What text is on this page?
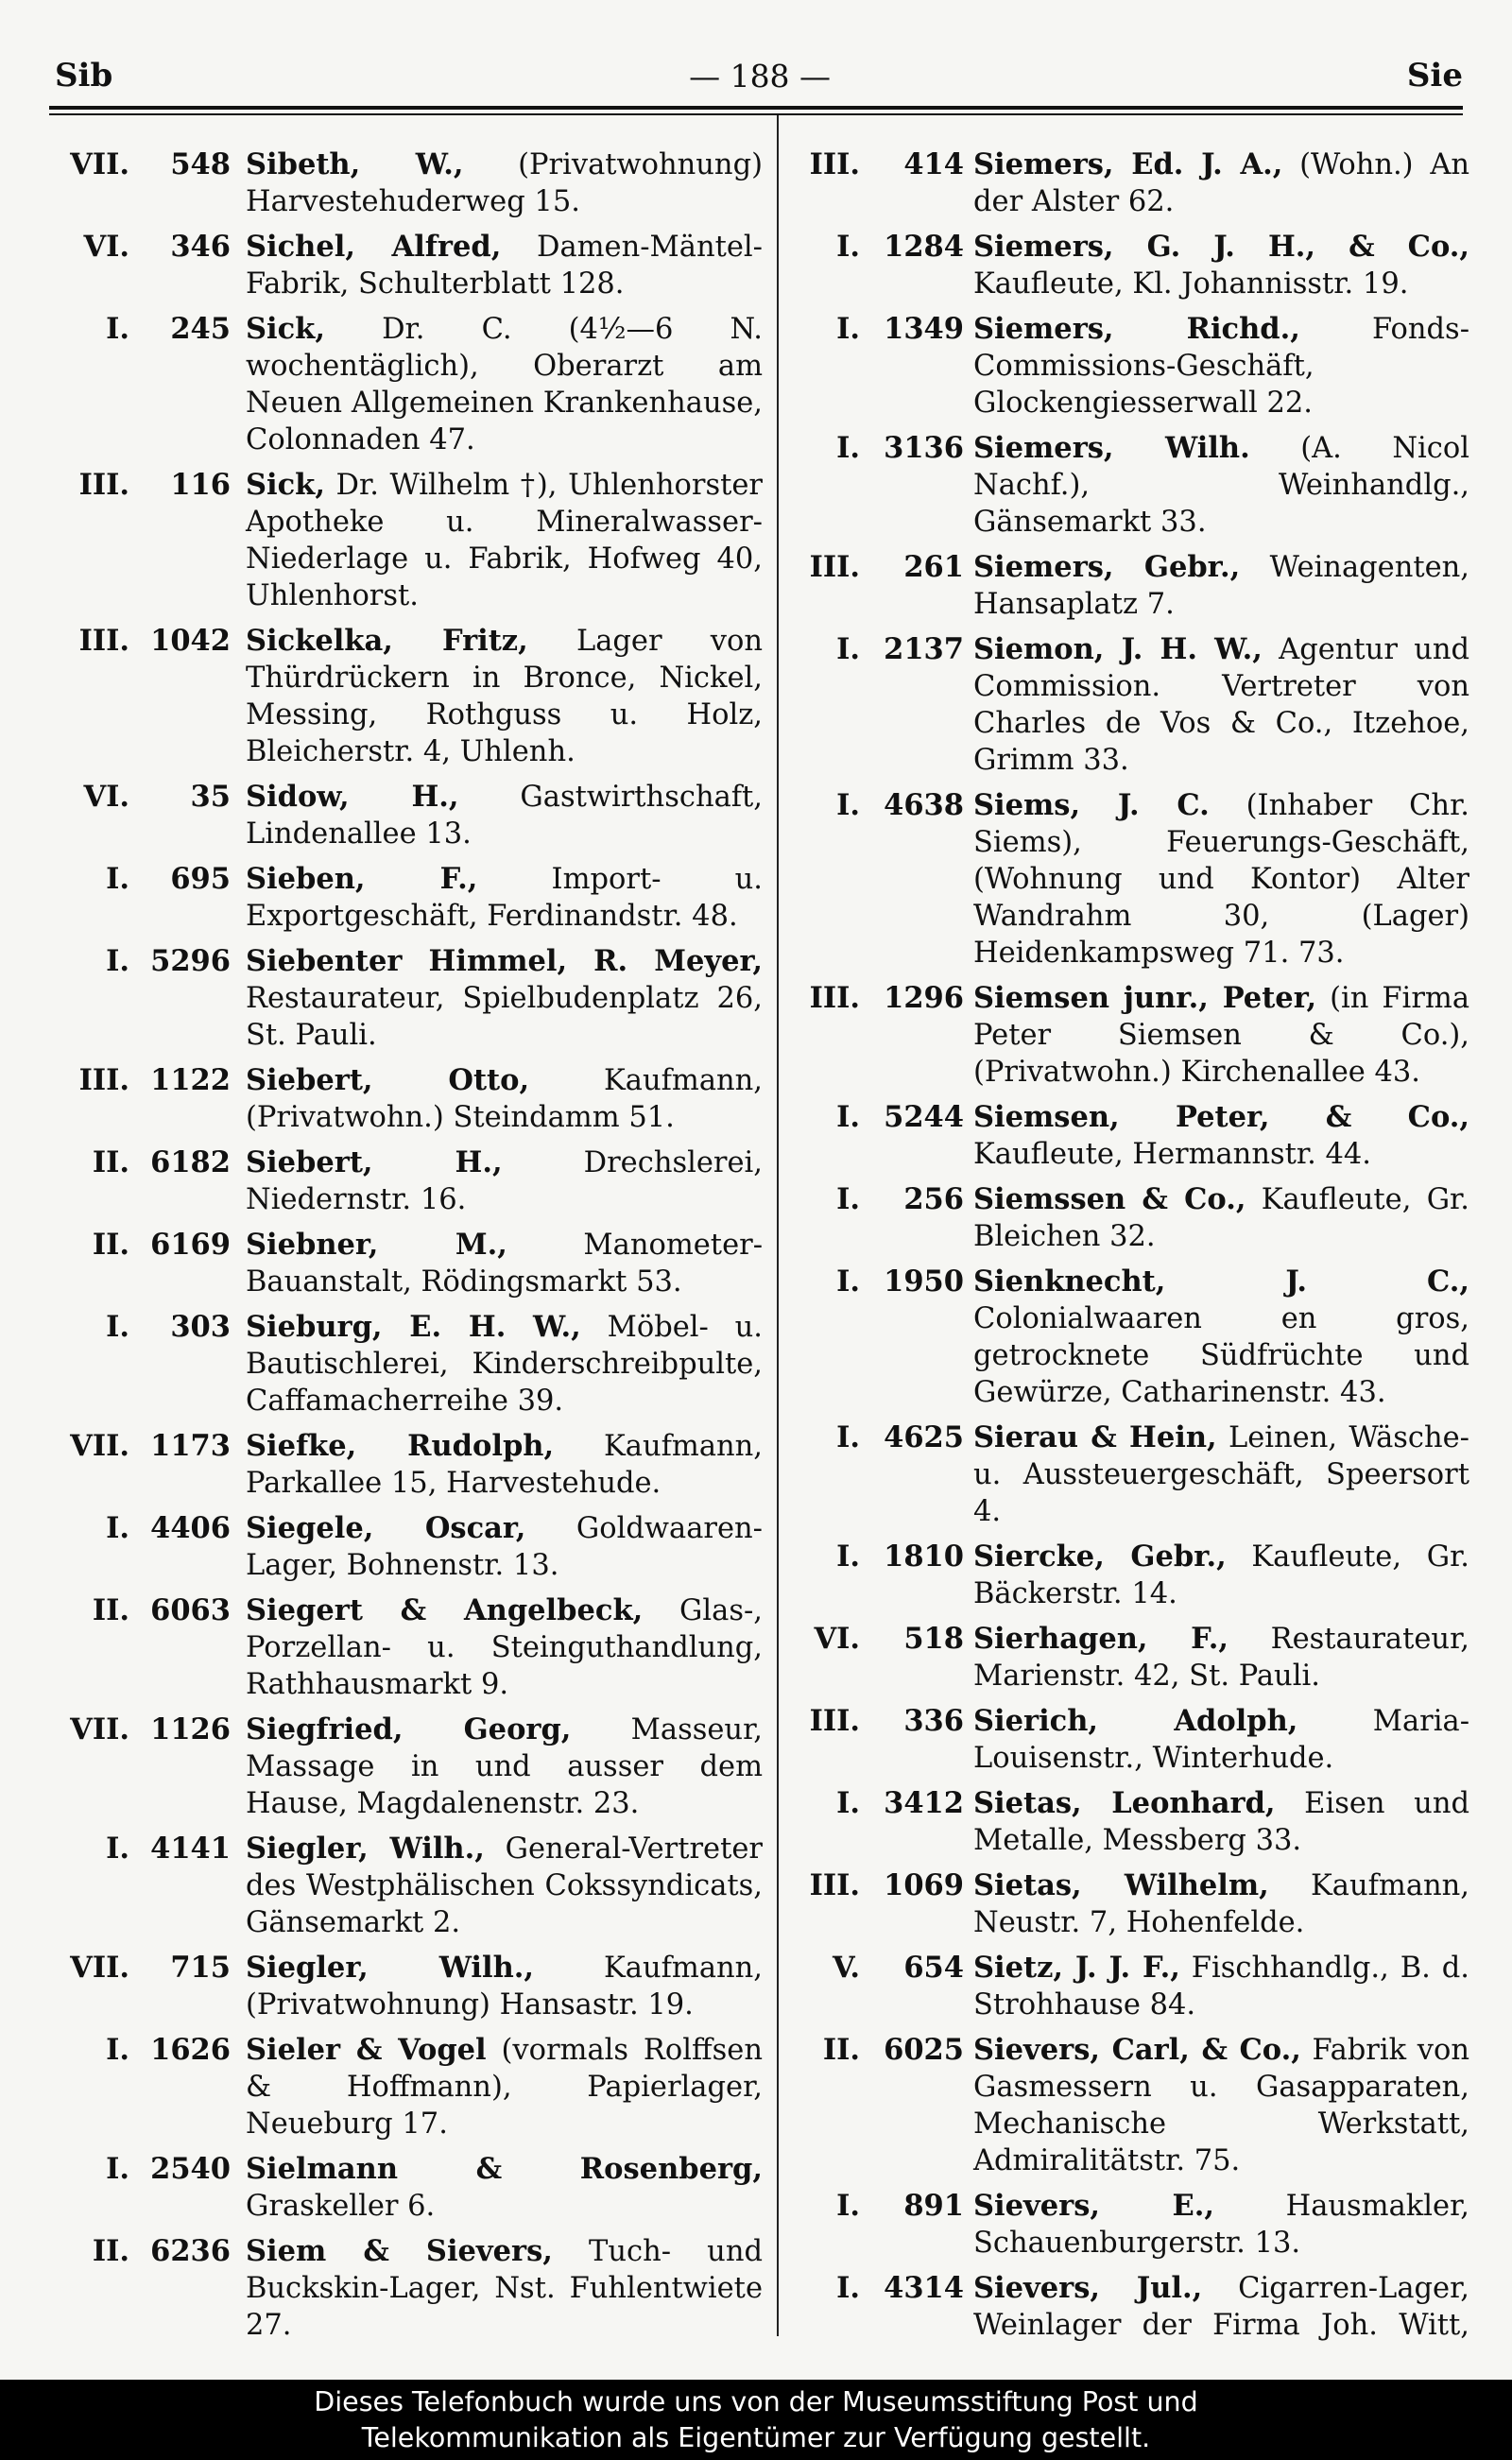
Sib	— 188 —	Sie
VII.	548 Sibeth, W., (Privatwohnung) Harvestehuderweg 15.
VI.	346 Sichel, Alfred, Damen-Mäntel-Fabrik, Schulterblatt 128.
I.	245 Sick, Dr. C. (4½—6 N. wochentäglich), Oberarzt am Neuen Allgemeinen Krankenhause, Colonnaden 47.
III.	116 Sick, Dr. Wilhelm †), Uhlenhorster Apotheke u. Mineralwasser-Niederlage u. Fabrik, Hofweg 40, Uhlenhorst.
III. 1042 Sickelka, Fritz, Lager von Thürdrückern in Bronce, Nickel, Messing, Rothguss u. Holz, Bleicherstr. 4, Uhlenh.
VI.	35 Sidow, H., Gastwirthschaft, Lindenallee 13.
I.	695 Sieben, F., Import- u. Exportgeschäft, Ferdinandstr. 48.
I. 5296 Siebenter Himmel, R. Meyer, Restaurateur, Spielbudenplatz 26, St. Pauli.
III. 1122 Siebert, Otto, Kaufmann, (Privatwohn.) Steindamm 51.
II. 6182 Siebert, H., Drechslerei, Niedernstr. 16.
II. 6169 Siebner, M., Manometer-Bauanstalt, Rödingsmarkt 53.
I.	303 Sieburg, E. H. W., Möbel- u. Bautischlerei, Kinderschreibpulte, Caffamacherreihe 39.
VII. 1173 Siefke, Rudolph, Kaufmann, Parkallee 15, Harvestehude.
I. 4406 Siegele, Oscar, Goldwaaren-Lager, Bohnenstr. 13.
II. 6063 Siegert & Angelbeck, Glas-, Porzellan- u. Steinguthandlung, Rathhausmarkt 9.
VII. 1126 Siegfried, Georg, Masseur, Massage in und ausser dem Hause, Magdalenenstr. 23.
I. 4141 Siegler, Wilh., General-Vertreter des Westphälischen Cokssyndicats, Gänsemarkt 2.
VII.	715 Siegler, Wilh., Kaufmann, (Privatwohnung) Hansastr. 19.
I. 1626 Sieler & Vogel (vormals Rolffsen & Hoffmann), Papierlager, Neueburg 17.
I. 2540 Sielmann & Rosenberg, Graskeller 6.
II. 6236 Siem & Sievers, Tuch- und Buckskin-Lager, Nst. Fuhlentwiete 27.
III.	414 Siemers, Ed. J. A., (Wohn.) An der Alster 62.
I. 1284 Siemers, G. J. H., & Co., Kaufleute, Kl. Johannisstr. 19.
I. 1349 Siemers, Richd., Fonds-Commissions-Geschäft, Glockengiesserwall 22.
I. 3136 Siemers, Wilh. (A. Nicol Nachf.), Weinhandlg., Gänsemarkt 33.
III.	261 Siemers, Gebr., Weinagenten, Hansaplatz 7.
I. 2137 Siemon, J. H. W., Agentur und Commission. Vertreter von Charles de Vos & Co., Itzehoe, Grimm 33.
I. 4638 Siems, J. C. (Inhaber Chr. Siems), Feuerungs-Geschäft, (Wohnung und Kontor) Alter Wandrahm 30, (Lager) Heidenkampsweg 71. 73.
III. 1296 Siemsen junr., Peter, (in Firma Peter Siemsen & Co.), (Privatwohn.) Kirchenallee 43.
I. 5244 Siemsen, Peter, & Co., Kaufleute, Hermannstr. 44.
I.	256 Siemssen & Co., Kaufleute, Gr. Bleichen 32.
I. 1950 Sienknecht, J. C., Colonialwaaren en gros, getrocknete Südfrüchte und Gewürze, Catharinenstr. 43.
I. 4625 Sierau & Hein, Leinen, Wäsche- u. Aussteuergeschäft, Speersort 4.
I. 1810 Siercke, Gebr., Kaufleute, Gr. Bäckerstr. 14.
VI.	518 Sierhagen, F., Restaurateur, Marienstr. 42, St. Pauli.
III.	336 Sierich, Adolph, Maria-Louisenstr., Winterhude.
I. 3412 Sietas, Leonhard, Eisen und Metalle, Messberg 33.
III. 1069 Sietas, Wilhelm, Kaufmann, Neustr. 7, Hohenfelde.
V.	654 Sietz, J. J. F., Fischhandlg., B. d. Strohhause 84.
II. 6025 Sievers, Carl, & Co., Fabrik von Gasmessern u. Gasapparaten, Mechanische Werkstatt, Admiralitätstr. 75.
I.	891 Sievers, E., Hausmakler, Schauenburgerstr. 13.
I. 4314 Sievers, Jul., Cigarren-Lager, Weinlager der Firma Joh. Witt,
Dieses Telefonbuch wurde uns von der Museumsstiftung Post und
Telekommunikation als Eigentümer zur Verfügung gestellt.
